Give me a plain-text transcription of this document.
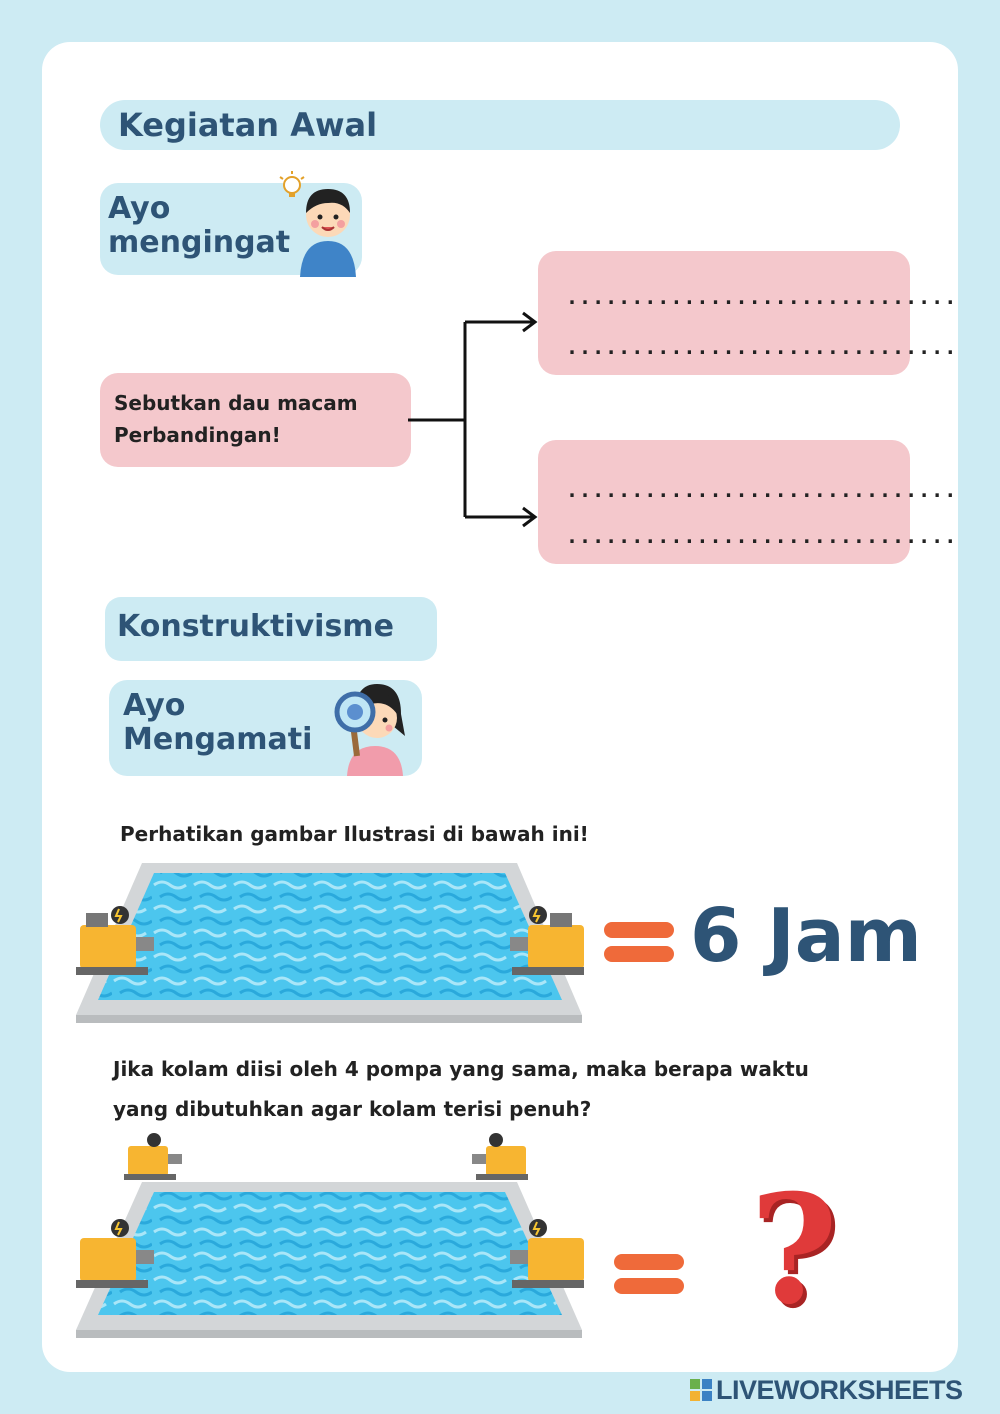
Kegiatan Awal
Ayo
mengingat
Sebutkan dau macam Perbandingan!
..............................
..............................
..............................
..............................
Konstruktivisme
Ayo
Mengamati
Perhatikan gambar Ilustrasi di bawah ini!
6 Jam
Jika kolam diisi oleh 4 pompa yang sama, maka berapa waktu
yang dibutuhkan agar kolam terisi penuh?
?
LIVEWORKSHEETS
